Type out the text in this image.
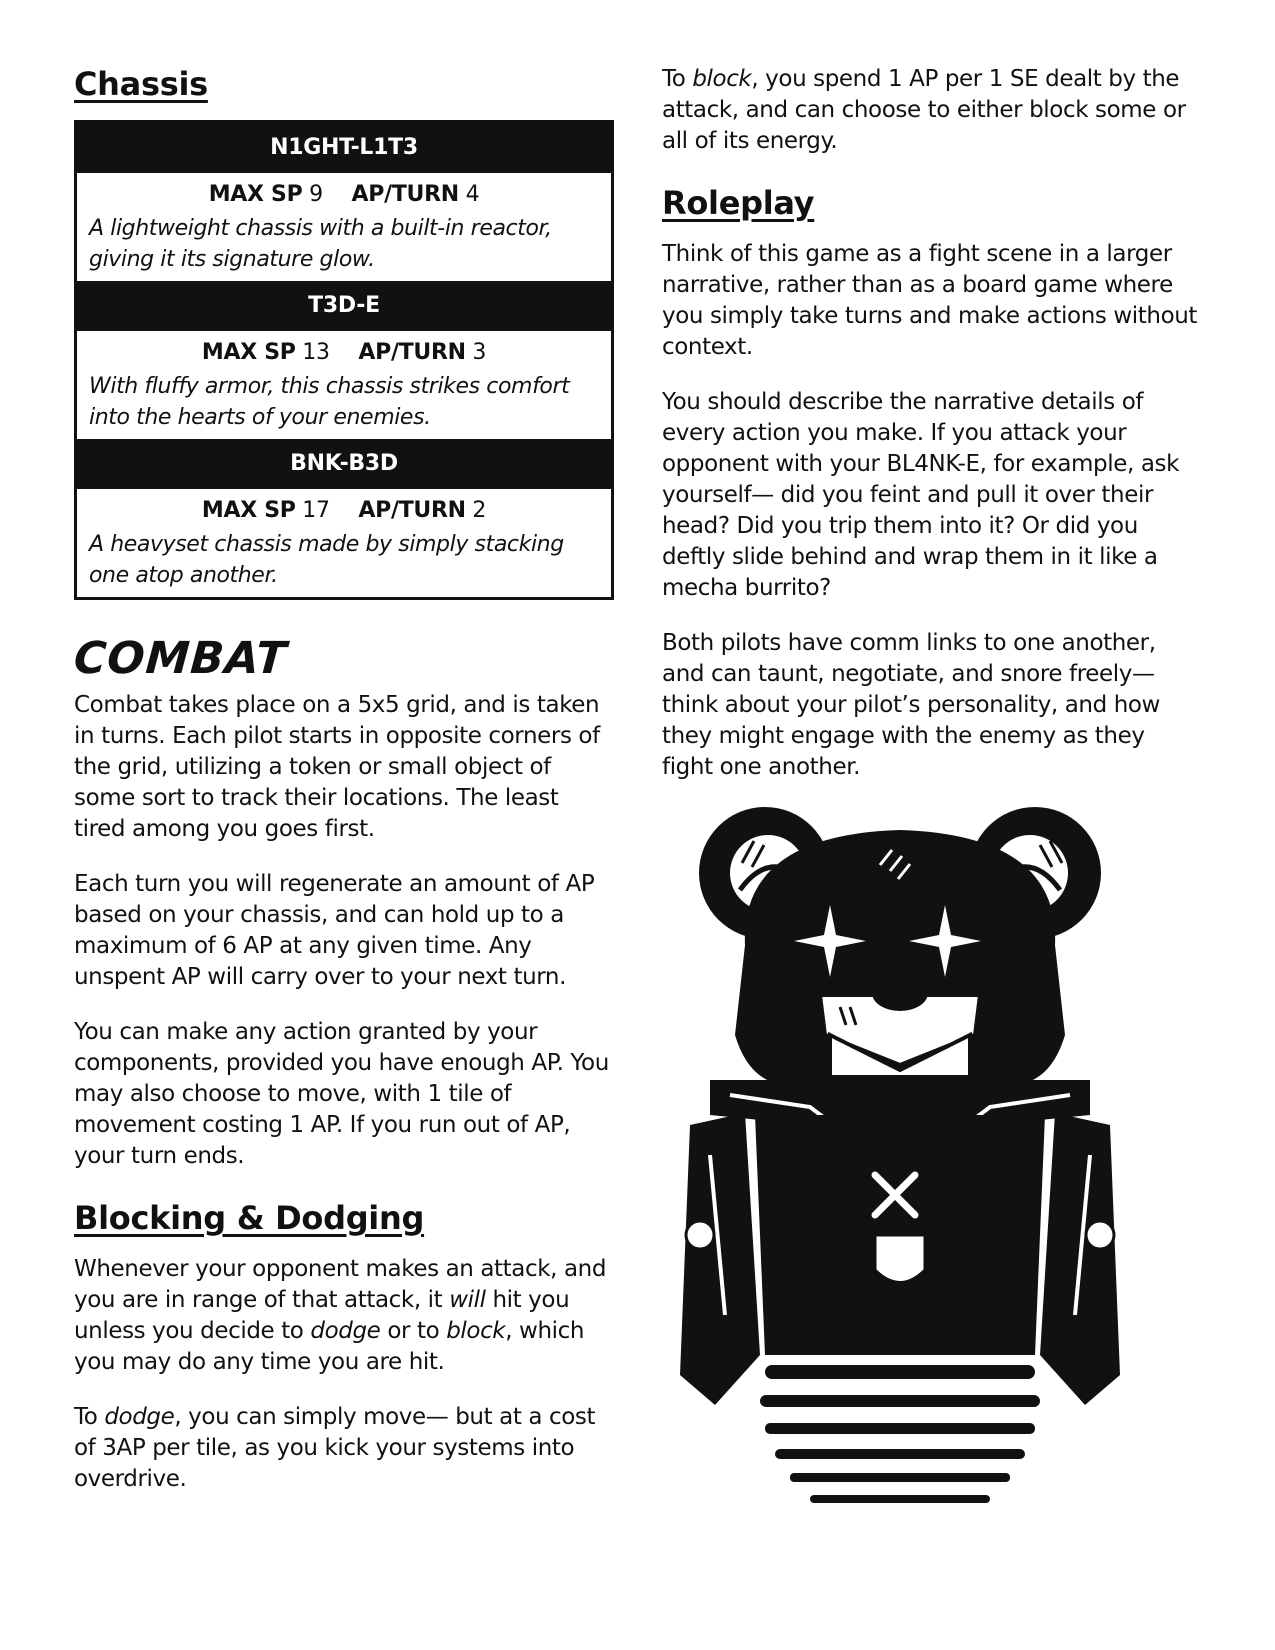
Chassis
N1GHT-L1T3
MAX SP 9 AP/TURN 4
A lightweight chassis with a built-in reactor, giving it its signature glow.
T3D-E
MAX SP 13 AP/TURN 3
With fluffy armor, this chassis strikes comfort into the hearts of your enemies.
BNK-B3D
MAX SP 17 AP/TURN 2
A heavyset chassis made by simply stacking one atop another.
COMBAT

Combat takes place on a 5x5 grid, and is taken in turns. Each pilot starts in opposite corners of the grid, utilizing a token or small object of some sort to track their locations. The least tired among you goes first.

Each turn you will regenerate an amount of AP based on your chassis, and can hold up to a maximum of 6 AP at any given time. Any unspent AP will carry over to your next turn.

You can make any action granted by your components, provided you have enough AP. You may also choose to move, with 1 tile of movement costing 1 AP. If you run out of AP, your turn ends.

Blocking & Dodging

Whenever your opponent makes an attack, and you are in range of that attack, it will hit you unless you decide to dodge or to block, which you may do any time you are hit.

To dodge, you can simply move— but at a cost of 3AP per tile, as you kick your systems into overdrive.

To block, you spend 1 AP per 1 SE dealt by the attack, and can choose to either block some or all of its energy.

Roleplay

Think of this game as a fight scene in a larger narrative, rather than as a board game where you simply take turns and make actions without context.

You should describe the narrative details of every action you make. If you attack your opponent with your BL4NK-E, for example, ask yourself— did you feint and pull it over their head? Did you trip them into it? Or did you deftly slide behind and wrap them in it like a mecha burrito?

Both pilots have comm links to one another, and can taunt, negotiate, and snore freely— think about your pilot’s personality, and how they might engage with the enemy as they fight one another.
